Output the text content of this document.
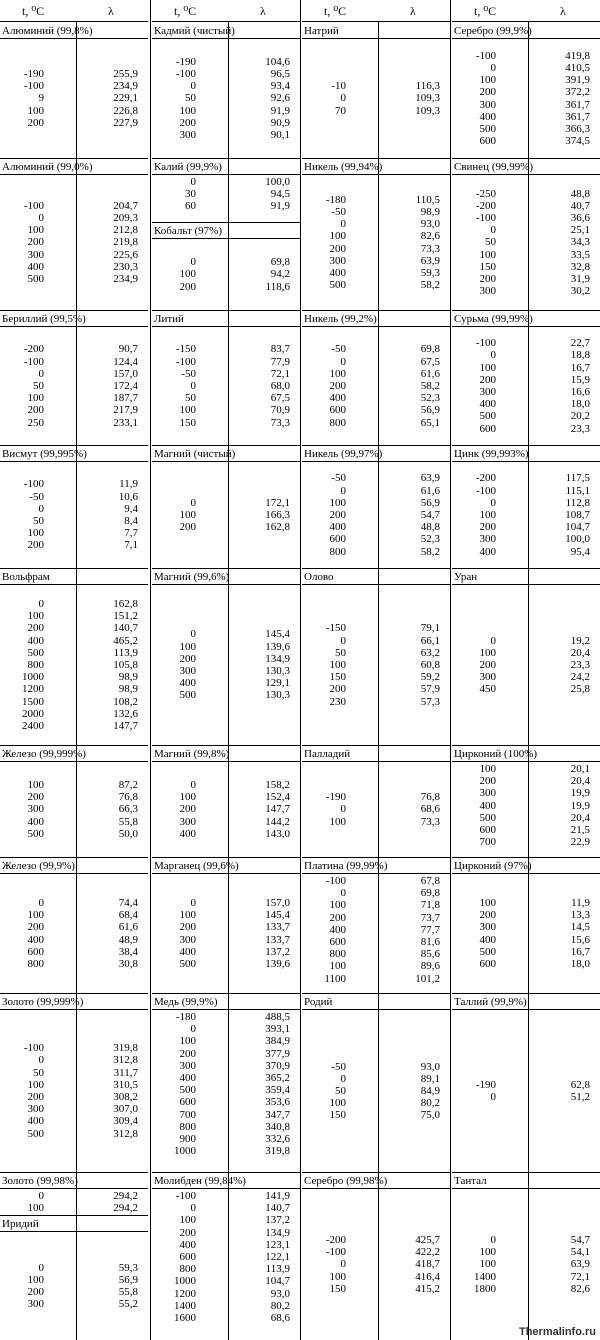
t, ⁰C	λ	t, ⁰C	λ	t, ⁰C	λ	t, ⁰C	λ
Алюминий (99,8%)
-190	255,9
-100	234,9
9	229,1
100	226,8
200	227,9
Алюминий (99,0%)
-100	204,7
0	209,3
100	212,8
200	219,8
300	225,6
400	230,3
500	234,9
Бериллий (99,5%)
-200	90,7
-100	124,4
0	157,0
50	172,4
100	187,7
200	217,9
250	233,1
Висмут (99,995%)
-100	11,9
-50	10,6
0	9,4
50	8,4
100	7,7
200	7,1
Вольфрам
0	162,8
100	151,2
200	140,7
400	465,2
500	113,9
800	105,8
1000	98,9
1200	98,9
1500	108,2
2000	132,6
2400	147,7
Железо (99,999%)
100	87,2
200	76,8
300	66,3
400	55,8
500	50,0
Железо (99,9%)
0	74,4
100	68,4
200	61,6
400	48,9
600	38,4
800	30,8
Золото (99,999%)
-100	319,8
0	312,8
50	311,7
100	310,5
200	308,2
300	307,0
400	309,4
500	312,8
Золото (99,98%)
0	294,2
100	294,2
Иридий
0	59,3
100	56,9
200	55,8
300	55,2
Кадмий (чистый)
-190	104,6
-100	96,5
0	93,4
50	92,6
100	91,9
200	90,9
300	90,1
Калий (99,9%)
0	100,0
30	94,5
60	91,9
Кобальт (97%)
0	69,8
100	94,2
200	118,6
Литий
-150	83,7
-100	77,9
-50	72,1
0	68,0
50	67,5
100	70,9
150	73,3
Магний (чистый)
0	172,1
100	166,3
200	162,8
Магний (99,6%)
0	145,4
100	139,6
200	134,9
300	130,3
400	129,1
500	130,3
Магний (99,8%)
0	158,2
100	152,4
200	147,7
300	144,2
400	143,0
Марганец (99,6%)
0	157,0
100	145,4
200	133,7
300	133,7
400	137,2
500	139,6
Медь (99,9%)
-180	488,5
0	393,1
100	384,9
200	377,9
300	370,9
400	365,2
500	359,4
600	353,6
700	347,7
800	340,8
900	332,6
1000	319,8
Молибден (99,84%)
-100	141,9
0	140,7
100	137,2
200	134,9
400	123,1
600	122,1
800	113,9
1000	104,7
1200	93,0
1400	80,2
1600	68,6
Натрий
-10	116,3
0	109,3
70	109,3
Никель (99,94%)
-180	110,5
-50	98,9
0	93,0
100	82,6
200	73,3
300	63,9
400	59,3
500	58,2
Никель (99,2%)
-50	69,8
0	67,5
100	61,6
200	58,2
400	52,3
600	56,9
800	65,1
Никель (99,97%)
-50	63,9
0	61,6
100	56,9
200	54,7
400	48,8
600	52,3
800	58,2
Олово
-150	79,1
0	66,1
50	63,2
100	60,8
150	59,2
200	57,9
230	57,3
Палладий
-190	76,8
0	68,6
100	73,3
Платина (99,99%)
-100	67,8
0	69,8
100	71,8
200	73,7
400	77,7
600	81,6
800	85,6
100	89,6
1100	101,2
Родий
-50	93,0
0	89,1
50	84,9
100	80,2
150	75,0
Серебро (99,98%)
-200	425,7
-100	422,2
0	418,7
100	416,4
150	415,2
Серебро (99,9%)
-100	419,8
0	410,5
100	391,9
200	372,2
300	361,7
400	361,7
500	366,3
600	374,5
Свинец (99,99%)
-250	48,8
-200	40,7
-100	36,6
0	25,1
50	34,3
100	33,5
150	32,8
200	31,9
300	30,2
Сурьма (99,99%)
-100	22,7
0	18,8
100	16,7
200	15,9
300	16,6
400	18,0
500	20,2
600	23,3
Цинк (99,993%)
-200	117,5
-100	115,1
0	112,8
100	108,7
200	104,7
300	100,0
400	95,4
Уран
0	19,2
100	20,4
200	23,3
300	24,2
450	25,8
Цирконий (100%)
100	20,1
200	20,4
300	19,9
400	19,9
500	20,4
600	21,5
700	22,9
Цирконий (97%)
100	11,9
200	13,3
300	14,5
400	15,6
500	16,7
600	18,0
Таллий (99,9%)
-190	62,8
0	51,2
Тантал
0	54,7
100	54,1
100	63,9
1400	72,1
1800	82,6
Thermalinfo.ru
